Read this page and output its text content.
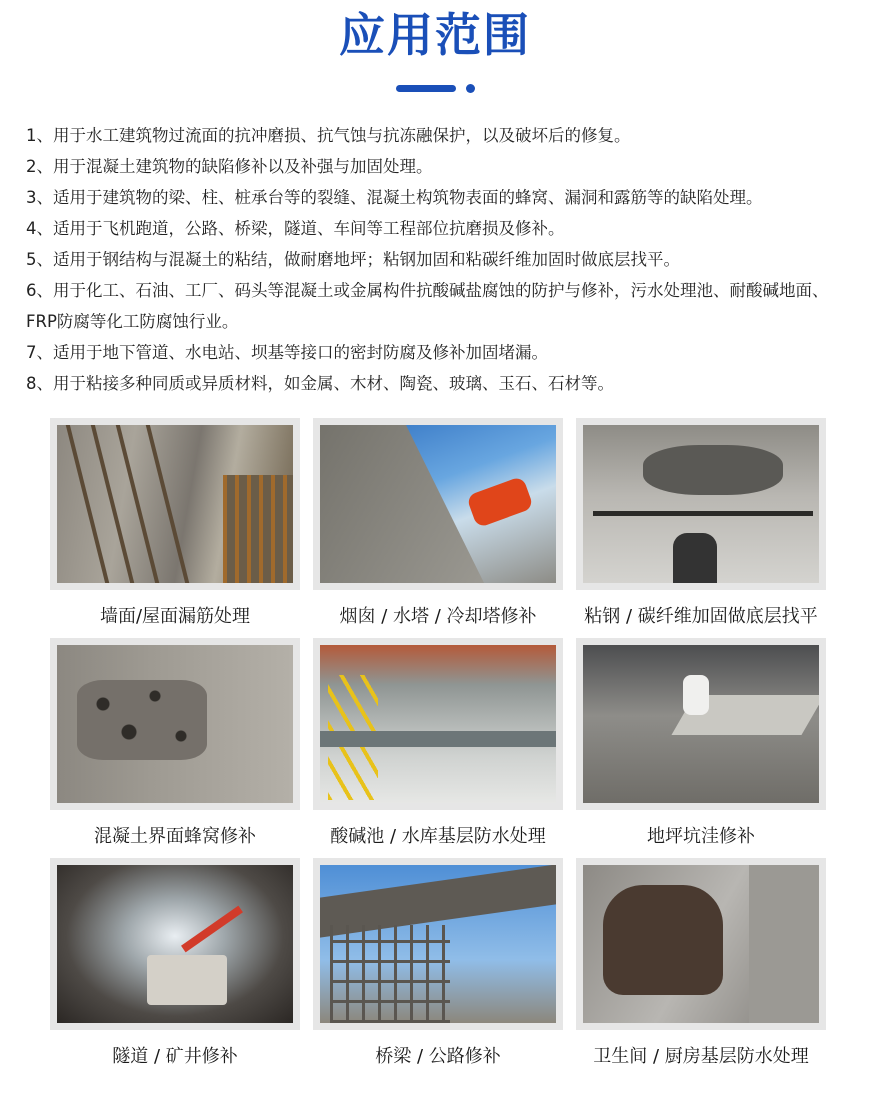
应用范围
1、用于水工建筑物过流面的抗冲磨损、抗气蚀与抗冻融保护，以及破坏后的修复。
2、用于混凝土建筑物的缺陷修补以及补强与加固处理。
3、适用于建筑物的梁、柱、桩承台等的裂缝、混凝土构筑物表面的蜂窝、漏洞和露筋等的缺陷处理。
4、适用于飞机跑道，公路、桥梁，隧道、车间等工程部位抗磨损及修补。
5、适用于钢结构与混凝土的粘结，做耐磨地坪；粘钢加固和粘碳纤维加固时做底层找平。
6、用于化工、石油、工厂、码头等混凝土或金属构件抗酸碱盐腐蚀的防护与修补，污水处理池、耐酸碱地面、FRP防腐等化工防腐蚀行业。
7、适用于地下管道、水电站、坝基等接口的密封防腐及修补加固堵漏。
8、用于粘接多种同质或异质材料，如金属、木材、陶瓷、玻璃、玉石、石材等。
墙面/屋面漏筋处理	烟囱 / 水塔 / 冷却塔修补	粘钢 / 碳纤维加固做底层找平
混凝土界面蜂窝修补	酸碱池 / 水库基层防水处理	地坪坑洼修补
隧道 / 矿井修补	桥梁 / 公路修补	卫生间 / 厨房基层防水处理
